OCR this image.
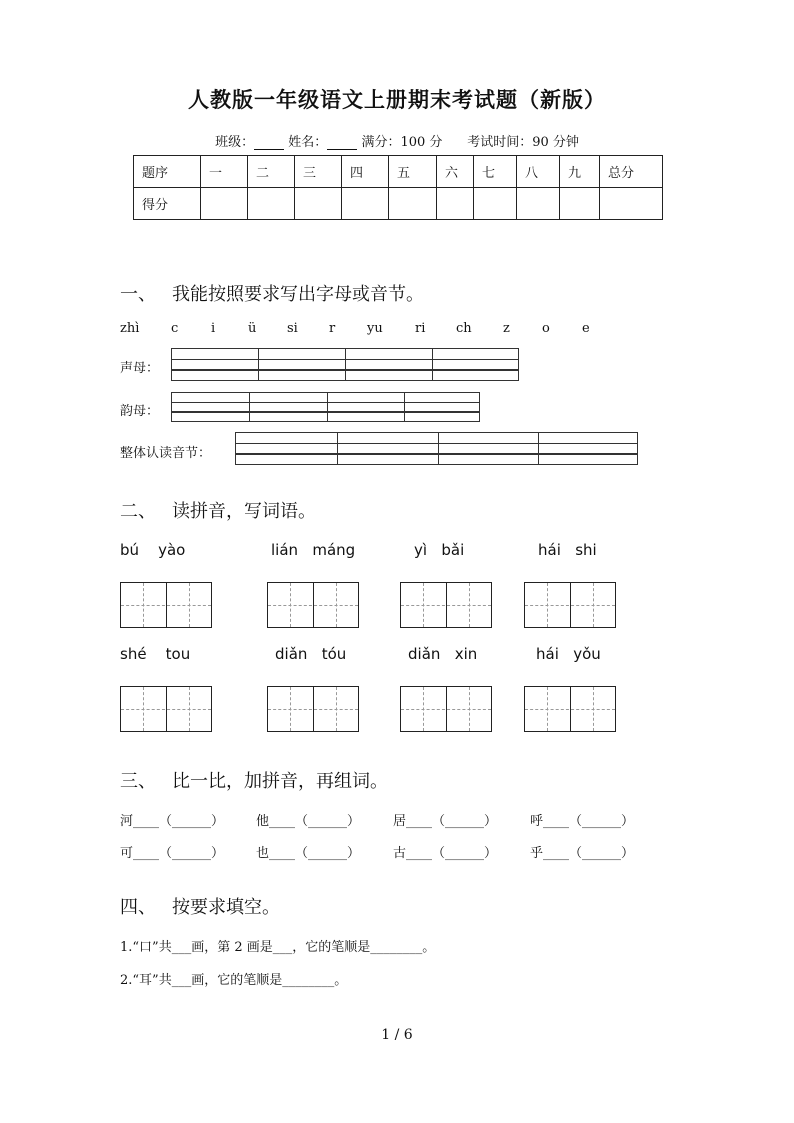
人教版一年级语文上册期末考试题（新版）
班级：	姓名：	满分：100 分 考试时间：90 分钟
题序	一	二	三	四	五	六	七	八	九	总分
得分										
一、 我能按照要求写出字母或音节。
zhì c	i	ü si r yu ri ch z o e
声母：
韵母：
整体认读音节：
二、 读拼音，写词语。
bú yào	lián máng	yì bǎi	hái shi
shé tou	diǎn tóu	diǎn xin	hái yǒu
三、 比一比，加拼音，再组词。
河____（______） 他____（______）	居____（______）	呼____（______）
可____（______） 也____（______）	古____（______）	乎____（______）
四、 按要求填空。
1.“口”共___画，第 2 画是___，它的笔顺是________。
2.“耳”共___画，它的笔顺是________。
1 / 6
